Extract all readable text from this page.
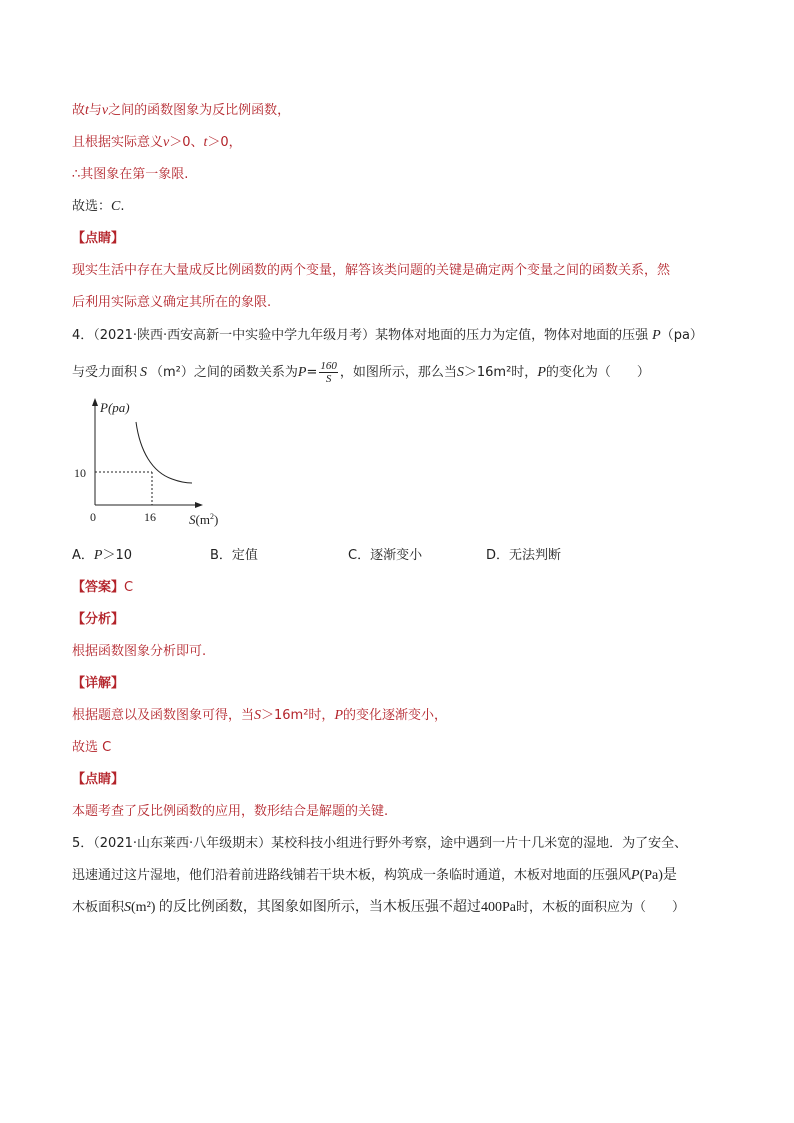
故t与v之间的函数图象为反比例函数，
且根据实际意义v＞0、t＞0，
∴其图象在第一象限.
故选：C.
【点睛】
现实生活中存在大量成反比例函数的两个变量，解答该类问题的关键是确定两个变量之间的函数关系，然
后利用实际意义确定其所在的象限.
4．（2021·陕西·西安高新一中实验中学九年级月考）某物体对地面的压力为定值，物体对地面的压强 P（pa）
与受力面积 S （m²）之间的函数关系为$P= \frac{160}{S}$ ，如图所示，那么当S＞16m²时，P的变化为（　　）
P(pa)
10
0	16	$S(m^2)$
A．P＞10	B．定值	C．逐渐变小	D．无法判断
【答案】C
【分析】
根据函数图象分析即可.
【详解】
根据题意以及函数图象可得，当S＞16m²时，P的变化逐渐变小，
故选 C
【点睛】
本题考查了反比例函数的应用，数形结合是解题的关键.
5．（2021·山东莱西·八年级期末）某校科技小组进行野外考察，途中遇到一片十几米宽的湿地．为了安全、
迅速通过这片湿地，他们沿着前进路线铺若干块木板，构筑成一条临时通道，木板对地面的压强风P(Pa)是
木板面积S(m²) 的反比例函数，其图象如图所示，当木板压强不超过400Pa时，木板的面积应为（　　）
